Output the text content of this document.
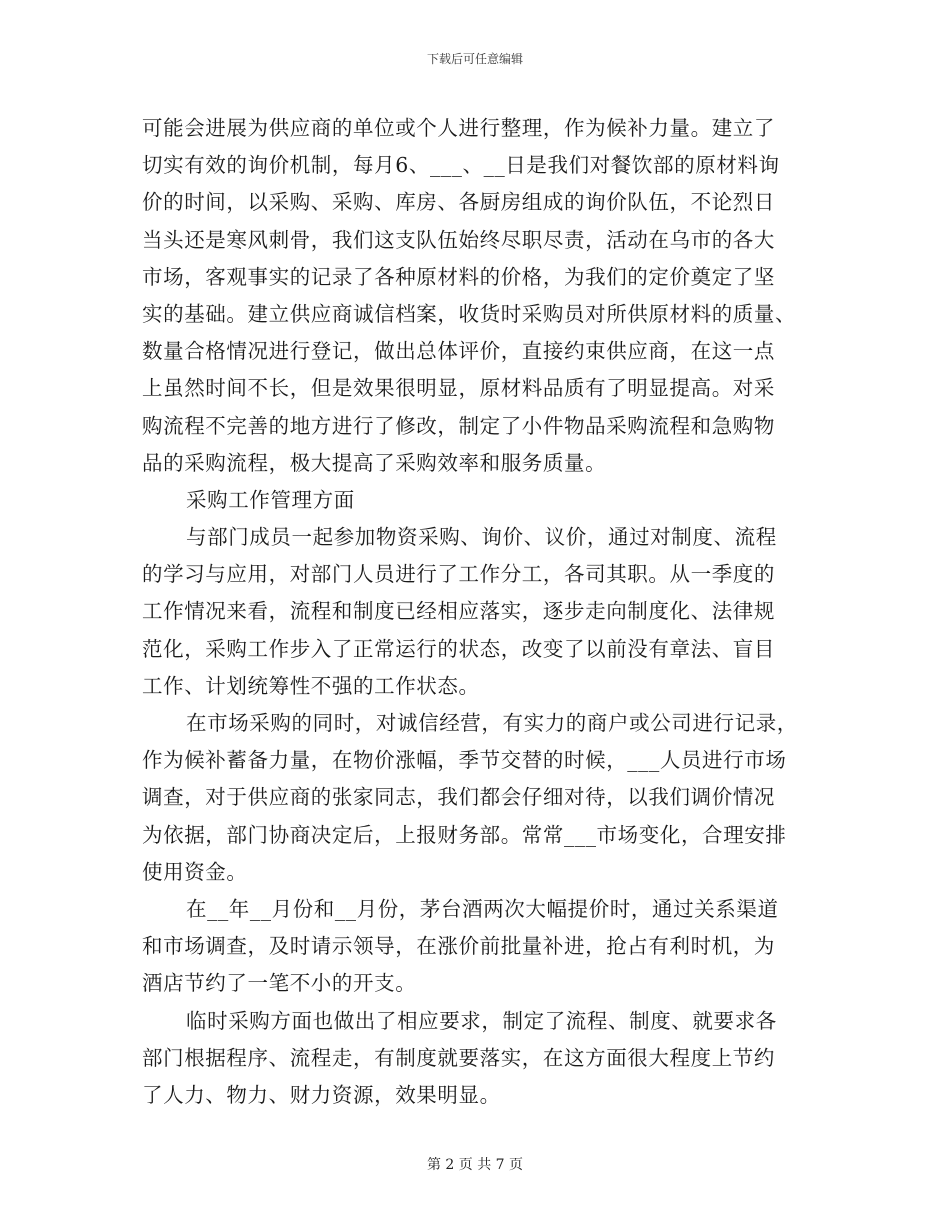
下载后可任意编辑
可能会进展为供应商的单位或个人进行整理，作为候补力量。建立了
切实有效的询价机制，每月6、___、__日是我们对餐饮部的原材料询
价的时间，以采购、采购、库房、各厨房组成的询价队伍，不论烈日
当头还是寒风刺骨，我们这支队伍始终尽职尽责，活动在乌市的各大
市场，客观事实的记录了各种原材料的价格，为我们的定价奠定了坚
实的基础。建立供应商诚信档案，收货时采购员对所供原材料的质量、
数量合格情况进行登记，做出总体评价，直接约束供应商，在这一点
上虽然时间不长，但是效果很明显，原材料品质有了明显提高。对采
购流程不完善的地方进行了修改，制定了小件物品采购流程和急购物
品的采购流程，极大提高了采购效率和服务质量。
采购工作管理方面
与部门成员一起参加物资采购、询价、议价，通过对制度、流程
的学习与应用，对部门人员进行了工作分工，各司其职。从一季度的
工作情况来看，流程和制度已经相应落实，逐步走向制度化、法律规
范化，采购工作步入了正常运行的状态，改变了以前没有章法、盲目
工作、计划统筹性不强的工作状态。
在市场采购的同时，对诚信经营，有实力的商户或公司进行记录，
作为候补蓄备力量，在物价涨幅，季节交替的时候，___人员进行市场
调查，对于供应商的张家同志，我们都会仔细对待，以我们调价情况
为依据，部门协商决定后，上报财务部。常常___市场变化，合理安排
使用资金。
在__年__月份和__月份，茅台酒两次大幅提价时，通过关系渠道
和市场调查，及时请示领导，在涨价前批量补进，抢占有利时机，为
酒店节约了一笔不小的开支。
临时采购方面也做出了相应要求，制定了流程、制度、就要求各
部门根据程序、流程走，有制度就要落实，在这方面很大程度上节约
了人力、物力、财力资源，效果明显。
第 2 页 共 7 页
